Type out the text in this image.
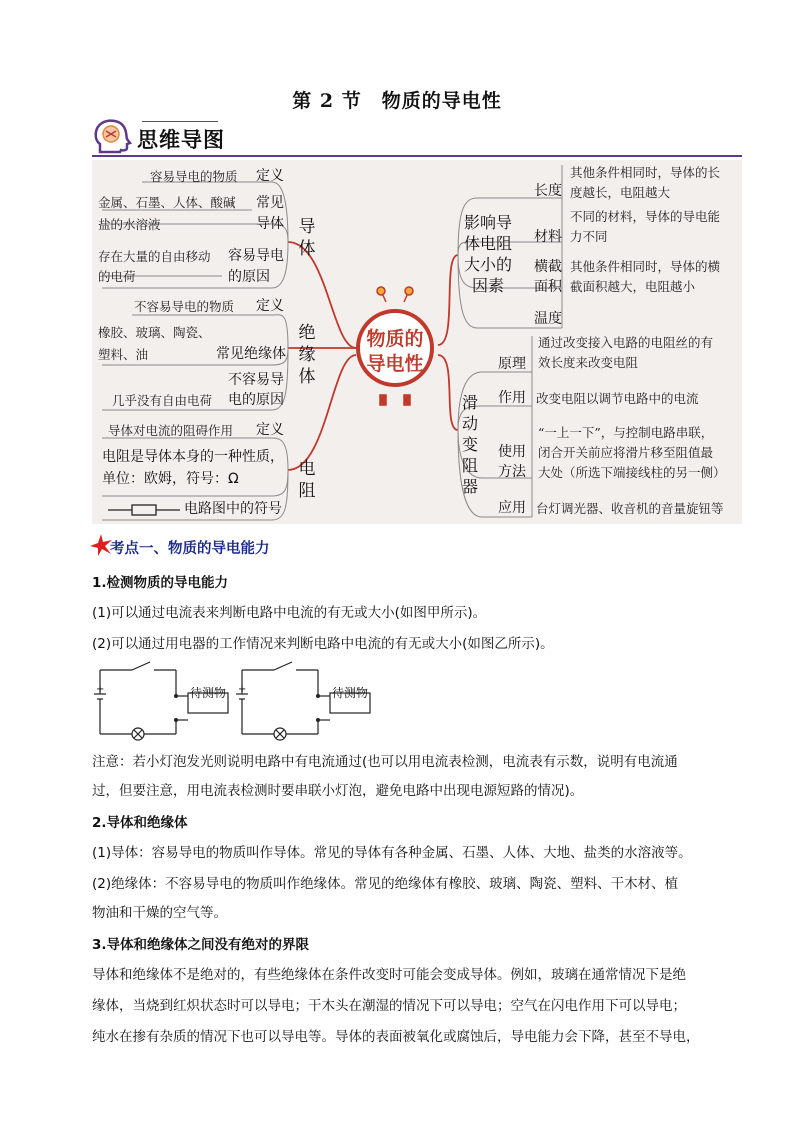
第 2 节　物质的导电性
思维导图
物质的
导电性
导
体
容易导电的物质 定义
金属、石墨、人体、酸碱
盐的水溶液
常见
导体
存在大量的自由移动
的电荷
容易导电
的原因
绝
缘
体
不容易导电的物质 定义
橡胶、玻璃、陶瓷、
塑料、油	常见绝缘体
几乎没有自由电荷
不容易导
电的原因
电
阻
导体对电流的阻碍作用 定义
电阻是导体本身的一种性质，
单位：欧姆，符号：Ω
电路图中的符号
影响导
体电阻
大小的
因素
长度
其他条件相同时，导体的长
度越长，电阻越大
材料
不同的材料，导体的导电能
力不同
横截
面积
其他条件相同时，导体的横
截面积越大，电阻越小
温度
滑
动
变
阻
器
原理
通过改变接入电路的电阻丝的有
效长度来改变电阻
作用 改变电阻以调节电路中的电流
使用
方法
“一上一下”，与控制电路串联，
闭合开关前应将滑片移至阻值最
大处（所选下端接线柱的另一侧）
应用 台灯调光器、收音机的音量旋钮等
考点一、物质的导电能力
1.检测物质的导电能力
(1)可以通过电流表来判断电路中电流的有无或大小(如图甲所示)。
(2)可以通过用电器的工作情况来判断电路中电流的有无或大小(如图乙所示)。
待测物
+	待测物
+
注意：若小灯泡发光则说明电路中有电流通过(也可以用电流表检测，电流表有示数，说明有电流通
过，但要注意，用电流表检测时要串联小灯泡，避免电路中出现电源短路的情况)。
2.导体和绝缘体
(1)导体：容易导电的物质叫作导体。常见的导体有各种金属、石墨、人体、大地、盐类的水溶液等。
(2)绝缘体：不容易导电的物质叫作绝缘体。常见的绝缘体有橡胶、玻璃、陶瓷、塑料、干木材、植
物油和干燥的空气等。
3.导体和绝缘体之间没有绝对的界限
导体和绝缘体不是绝对的，有些绝缘体在条件改变时可能会变成导体。例如，玻璃在通常情况下是绝
缘体，当烧到红炽状态时可以导电；干木头在潮湿的情况下可以导电；空气在闪电作用下可以导电；
纯水在掺有杂质的情况下也可以导电等。导体的表面被氧化或腐蚀后，导电能力会下降，甚至不导电，
